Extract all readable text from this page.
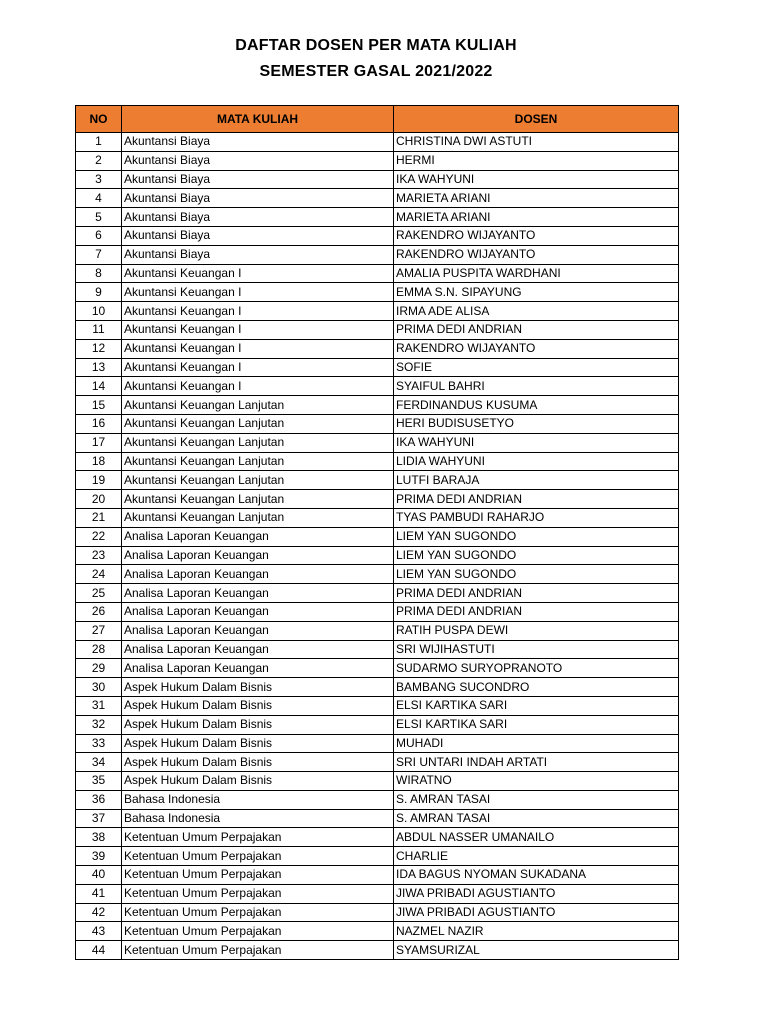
DAFTAR DOSEN PER MATA KULIAH
SEMESTER GASAL 2021/2022
NO	MATA KULIAH	DOSEN
1	Akuntansi Biaya	CHRISTINA DWI ASTUTI
2	Akuntansi Biaya	HERMI
3	Akuntansi Biaya	IKA WAHYUNI
4	Akuntansi Biaya	MARIETA ARIANI
5	Akuntansi Biaya	MARIETA ARIANI
6	Akuntansi Biaya	RAKENDRO WIJAYANTO
7	Akuntansi Biaya	RAKENDRO WIJAYANTO
8	Akuntansi Keuangan I	AMALIA PUSPITA WARDHANI
9	Akuntansi Keuangan I	EMMA S.N. SIPAYUNG
10	Akuntansi Keuangan I	IRMA ADE ALISA
11	Akuntansi Keuangan I	PRIMA DEDI ANDRIAN
12	Akuntansi Keuangan I	RAKENDRO WIJAYANTO
13	Akuntansi Keuangan I	SOFIE
14	Akuntansi Keuangan I	SYAIFUL BAHRI
15	Akuntansi Keuangan Lanjutan	FERDINANDUS KUSUMA
16	Akuntansi Keuangan Lanjutan	HERI BUDISUSETYO
17	Akuntansi Keuangan Lanjutan	IKA WAHYUNI
18	Akuntansi Keuangan Lanjutan	LIDIA WAHYUNI
19	Akuntansi Keuangan Lanjutan	LUTFI BARAJA
20	Akuntansi Keuangan Lanjutan	PRIMA DEDI ANDRIAN
21	Akuntansi Keuangan Lanjutan	TYAS PAMBUDI RAHARJO
22	Analisa Laporan Keuangan	LIEM YAN SUGONDO
23	Analisa Laporan Keuangan	LIEM YAN SUGONDO
24	Analisa Laporan Keuangan	LIEM YAN SUGONDO
25	Analisa Laporan Keuangan	PRIMA DEDI ANDRIAN
26	Analisa Laporan Keuangan	PRIMA DEDI ANDRIAN
27	Analisa Laporan Keuangan	RATIH PUSPA DEWI
28	Analisa Laporan Keuangan	SRI WIJIHASTUTI
29	Analisa Laporan Keuangan	SUDARMO SURYOPRANOTO
30	Aspek Hukum Dalam Bisnis	BAMBANG SUCONDRO
31	Aspek Hukum Dalam Bisnis	ELSI KARTIKA SARI
32	Aspek Hukum Dalam Bisnis	ELSI KARTIKA SARI
33	Aspek Hukum Dalam Bisnis	MUHADI
34	Aspek Hukum Dalam Bisnis	SRI UNTARI INDAH ARTATI
35	Aspek Hukum Dalam Bisnis	WIRATNO
36	Bahasa Indonesia	S. AMRAN TASAI
37	Bahasa Indonesia	S. AMRAN TASAI
38	Ketentuan Umum Perpajakan	ABDUL NASSER UMANAILO
39	Ketentuan Umum Perpajakan	CHARLIE
40	Ketentuan Umum Perpajakan	IDA BAGUS NYOMAN SUKADANA
41	Ketentuan Umum Perpajakan	JIWA PRIBADI AGUSTIANTO
42	Ketentuan Umum Perpajakan	JIWA PRIBADI AGUSTIANTO
43	Ketentuan Umum Perpajakan	NAZMEL NAZIR
44	Ketentuan Umum Perpajakan	SYAMSURIZAL
